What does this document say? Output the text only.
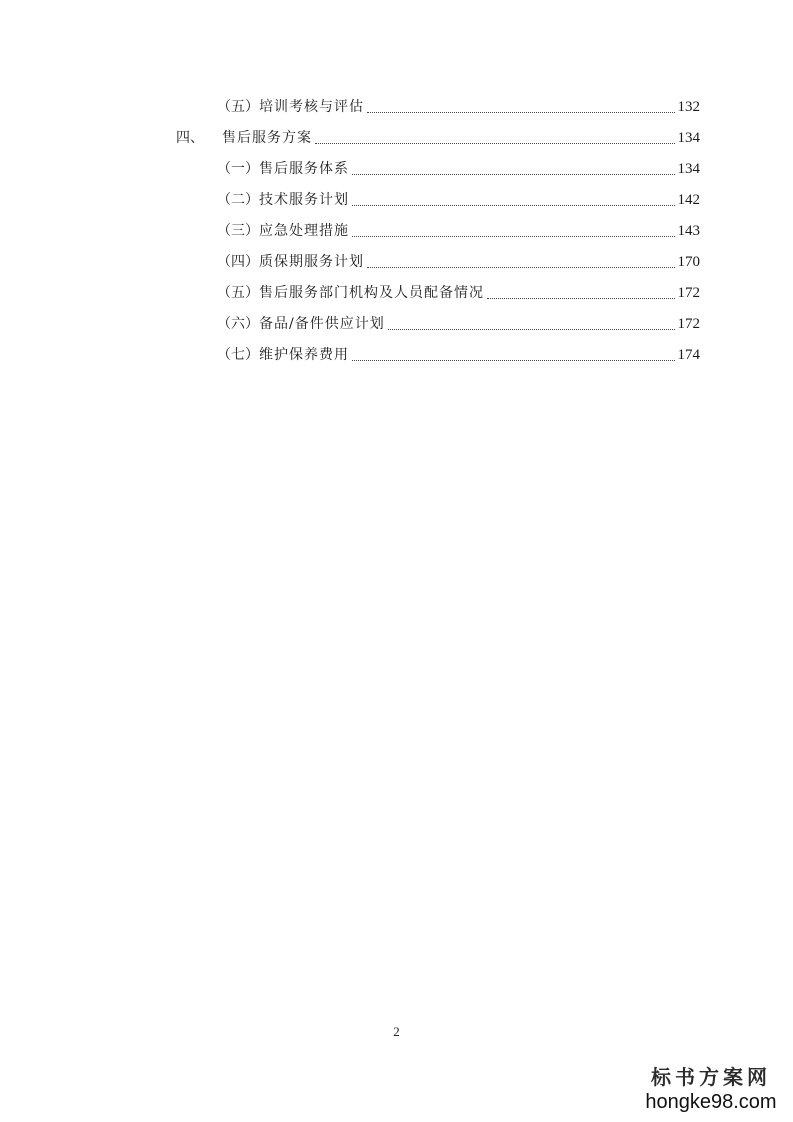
（五） 培训考核与评估	132
四、 售后服务方案	134
（一） 售后服务体系	134
（二） 技术服务计划	142
（三） 应急处理措施	143
（四） 质保期服务计划	170
（五） 售后服务部门机构及人员配备情况	172
（六） 备品/备件供应计划	172
（七） 维护保养费用	174
2
标书方案网
hongke98.com
